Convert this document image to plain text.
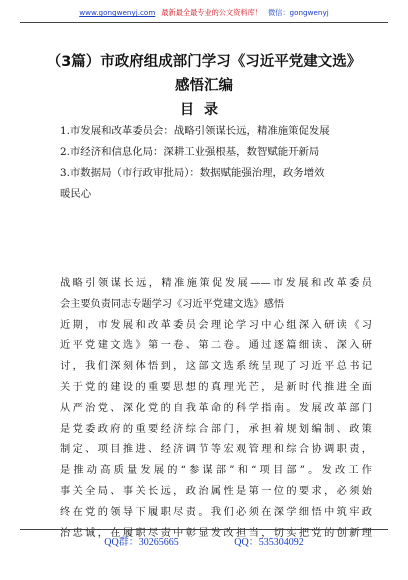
www.gongwenyj.com 最新最全最专业的公文资料库！ 微信：gongwenyj
（3篇）市政府组成部门学习《习近平党建文选》感悟汇编
目录
1.市发展和改革委员会：战略引领谋长远，精准施策促发展
2.市经济和信息化局：深耕工业强根基，数智赋能开新局
3.市数据局（市行政审批局）：数据赋能强治理，政务增效
暖民心
战略引领谋长远，精准施策促发展——市发展和改革委员
会主要负责同志专题学习《习近平党建文选》感悟
近期，市发展和改革委员会理论学习中心组深入研读《习
近平党建文选》第一卷、第二卷。通过逐篇细读、深入研
讨，我们深刻体悟到，这部文选系统呈现了习近平总书记
关于党的建设的重要思想的真理光芒，是新时代推进全面
从严治党、深化党的自我革命的科学指南。发展改革部门
是党委政府的重要经济综合部门，承担着规划编制、政策
制定、项目推进、经济调节等宏观管理和综合协调职责，
是推动高质量发展的“参谋部”和“项目部”。发改工作
事关全局、事关长远，政治属性是第一位的要求，必须始
终在党的领导下履职尽责。我们必须在深学细悟中筑牢政
治忠诚，在履职尽责中彰显发改担当，切实把党的创新理
QQ群：30265665	QQ：535304092
